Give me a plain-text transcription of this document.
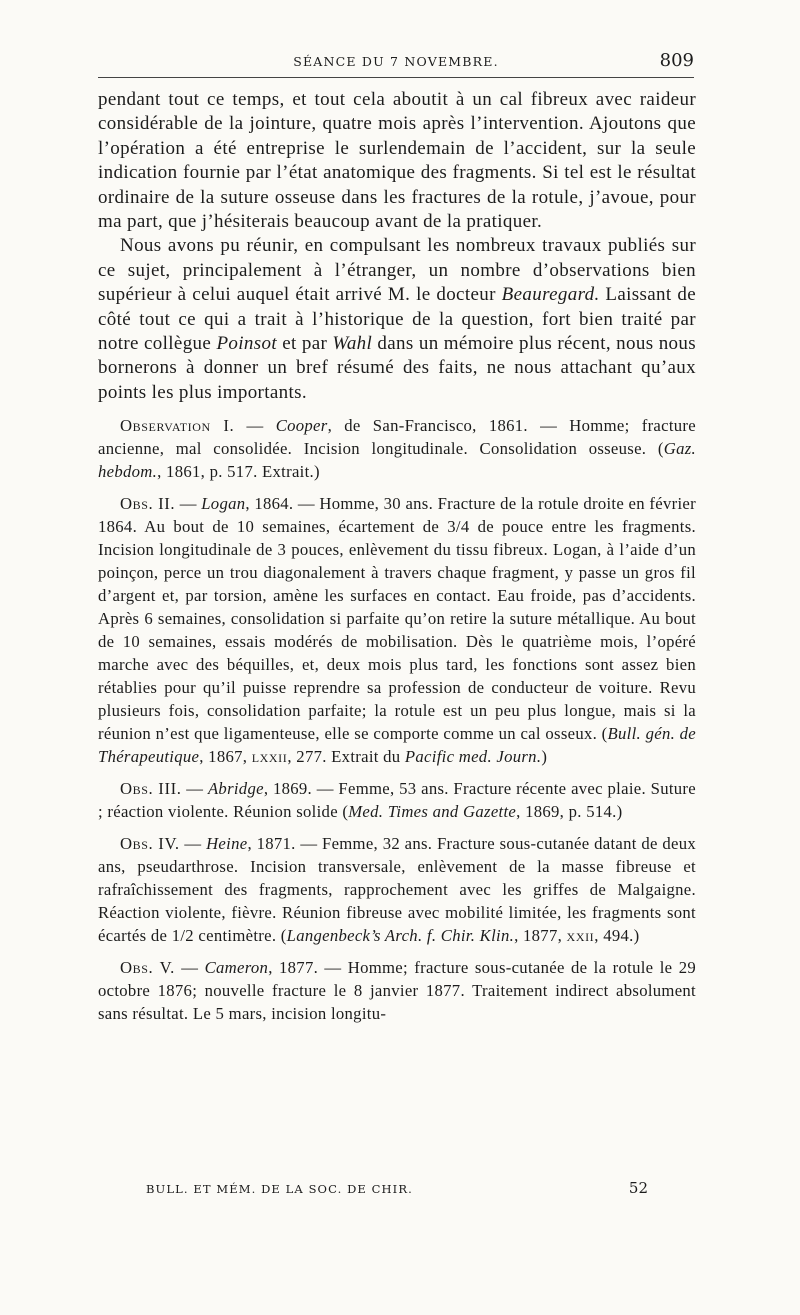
SÉANCE DU 7 NOVEMBRE.	809

pendant tout ce temps, et tout cela aboutit à un cal fibreux avec raideur considérable de la jointure, quatre mois après l’intervention. Ajoutons que l’opération a été entreprise le surlendemain de l’accident, sur la seule indication fournie par l’état anatomique des fragments. Si tel est le résultat ordinaire de la suture osseuse dans les fractures de la rotule, j’avoue, pour ma part, que j’hésiterais beaucoup avant de la pratiquer.

Nous avons pu réunir, en compulsant les nombreux travaux publiés sur ce sujet, principalement à l’étranger, un nombre d’observations bien supérieur à celui auquel était arrivé M. le docteur Beauregard. Laissant de côté tout ce qui a trait à l’historique de la question, fort bien traité par notre collègue Poinsot et par Wahl dans un mémoire plus récent, nous nous bornerons à donner un bref résumé des faits, ne nous attachant qu’aux points les plus importants.

Observation I. — Cooper, de San-Francisco, 1861. — Homme; fracture ancienne, mal consolidée. Incision longitudinale. Consolidation osseuse. (Gaz. hebdom., 1861, p. 517. Extrait.)

Obs. II. — Logan, 1864. — Homme, 30 ans. Fracture de la rotule droite en février 1864. Au bout de 10 semaines, écartement de 3/4 de pouce entre les fragments. Incision longitudinale de 3 pouces, enlèvement du tissu fibreux. Logan, à l’aide d’un poinçon, perce un trou diagonalement à travers chaque fragment, y passe un gros fil d’argent et, par torsion, amène les surfaces en contact. Eau froide, pas d’accidents. Après 6 semaines, consolidation si parfaite qu’on retire la suture métallique. Au bout de 10 semaines, essais modérés de mobilisation. Dès le quatrième mois, l’opéré marche avec des béquilles, et, deux mois plus tard, les fonctions sont assez bien rétablies pour qu’il puisse reprendre sa profession de conducteur de voiture. Revu plusieurs fois, consolidation parfaite; la rotule est un peu plus longue, mais si la réunion n’est que ligamenteuse, elle se comporte comme un cal osseux. (Bull. gén. de Thérapeutique, 1867, lxxii, 277. Extrait du Pacific med. Journ.)

Obs. III. — Abridge, 1869. — Femme, 53 ans. Fracture récente avec plaie. Suture ; réaction violente. Réunion solide (Med. Times and Gazette, 1869, p. 514.)

Obs. IV. — Heine, 1871. — Femme, 32 ans. Fracture sous-cutanée datant de deux ans, pseudarthrose. Incision transversale, enlèvement de la masse fibreuse et rafraîchissement des fragments, rapprochement avec les griffes de Malgaigne. Réaction violente, fièvre. Réunion fibreuse avec mobilité limitée, les fragments sont écartés de 1/2 centimètre. (Langenbeck’s Arch. f. Chir. Klin., 1877, xxii, 494.)

Obs. V. — Cameron, 1877. — Homme; fracture sous-cutanée de la rotule le 29 octobre 1876; nouvelle fracture le 8 janvier 1877. Traitement indirect absolument sans résultat. Le 5 mars, incision longitu-

BULL. ET MÉM. DE LA SOC. DE CHIR.	52
